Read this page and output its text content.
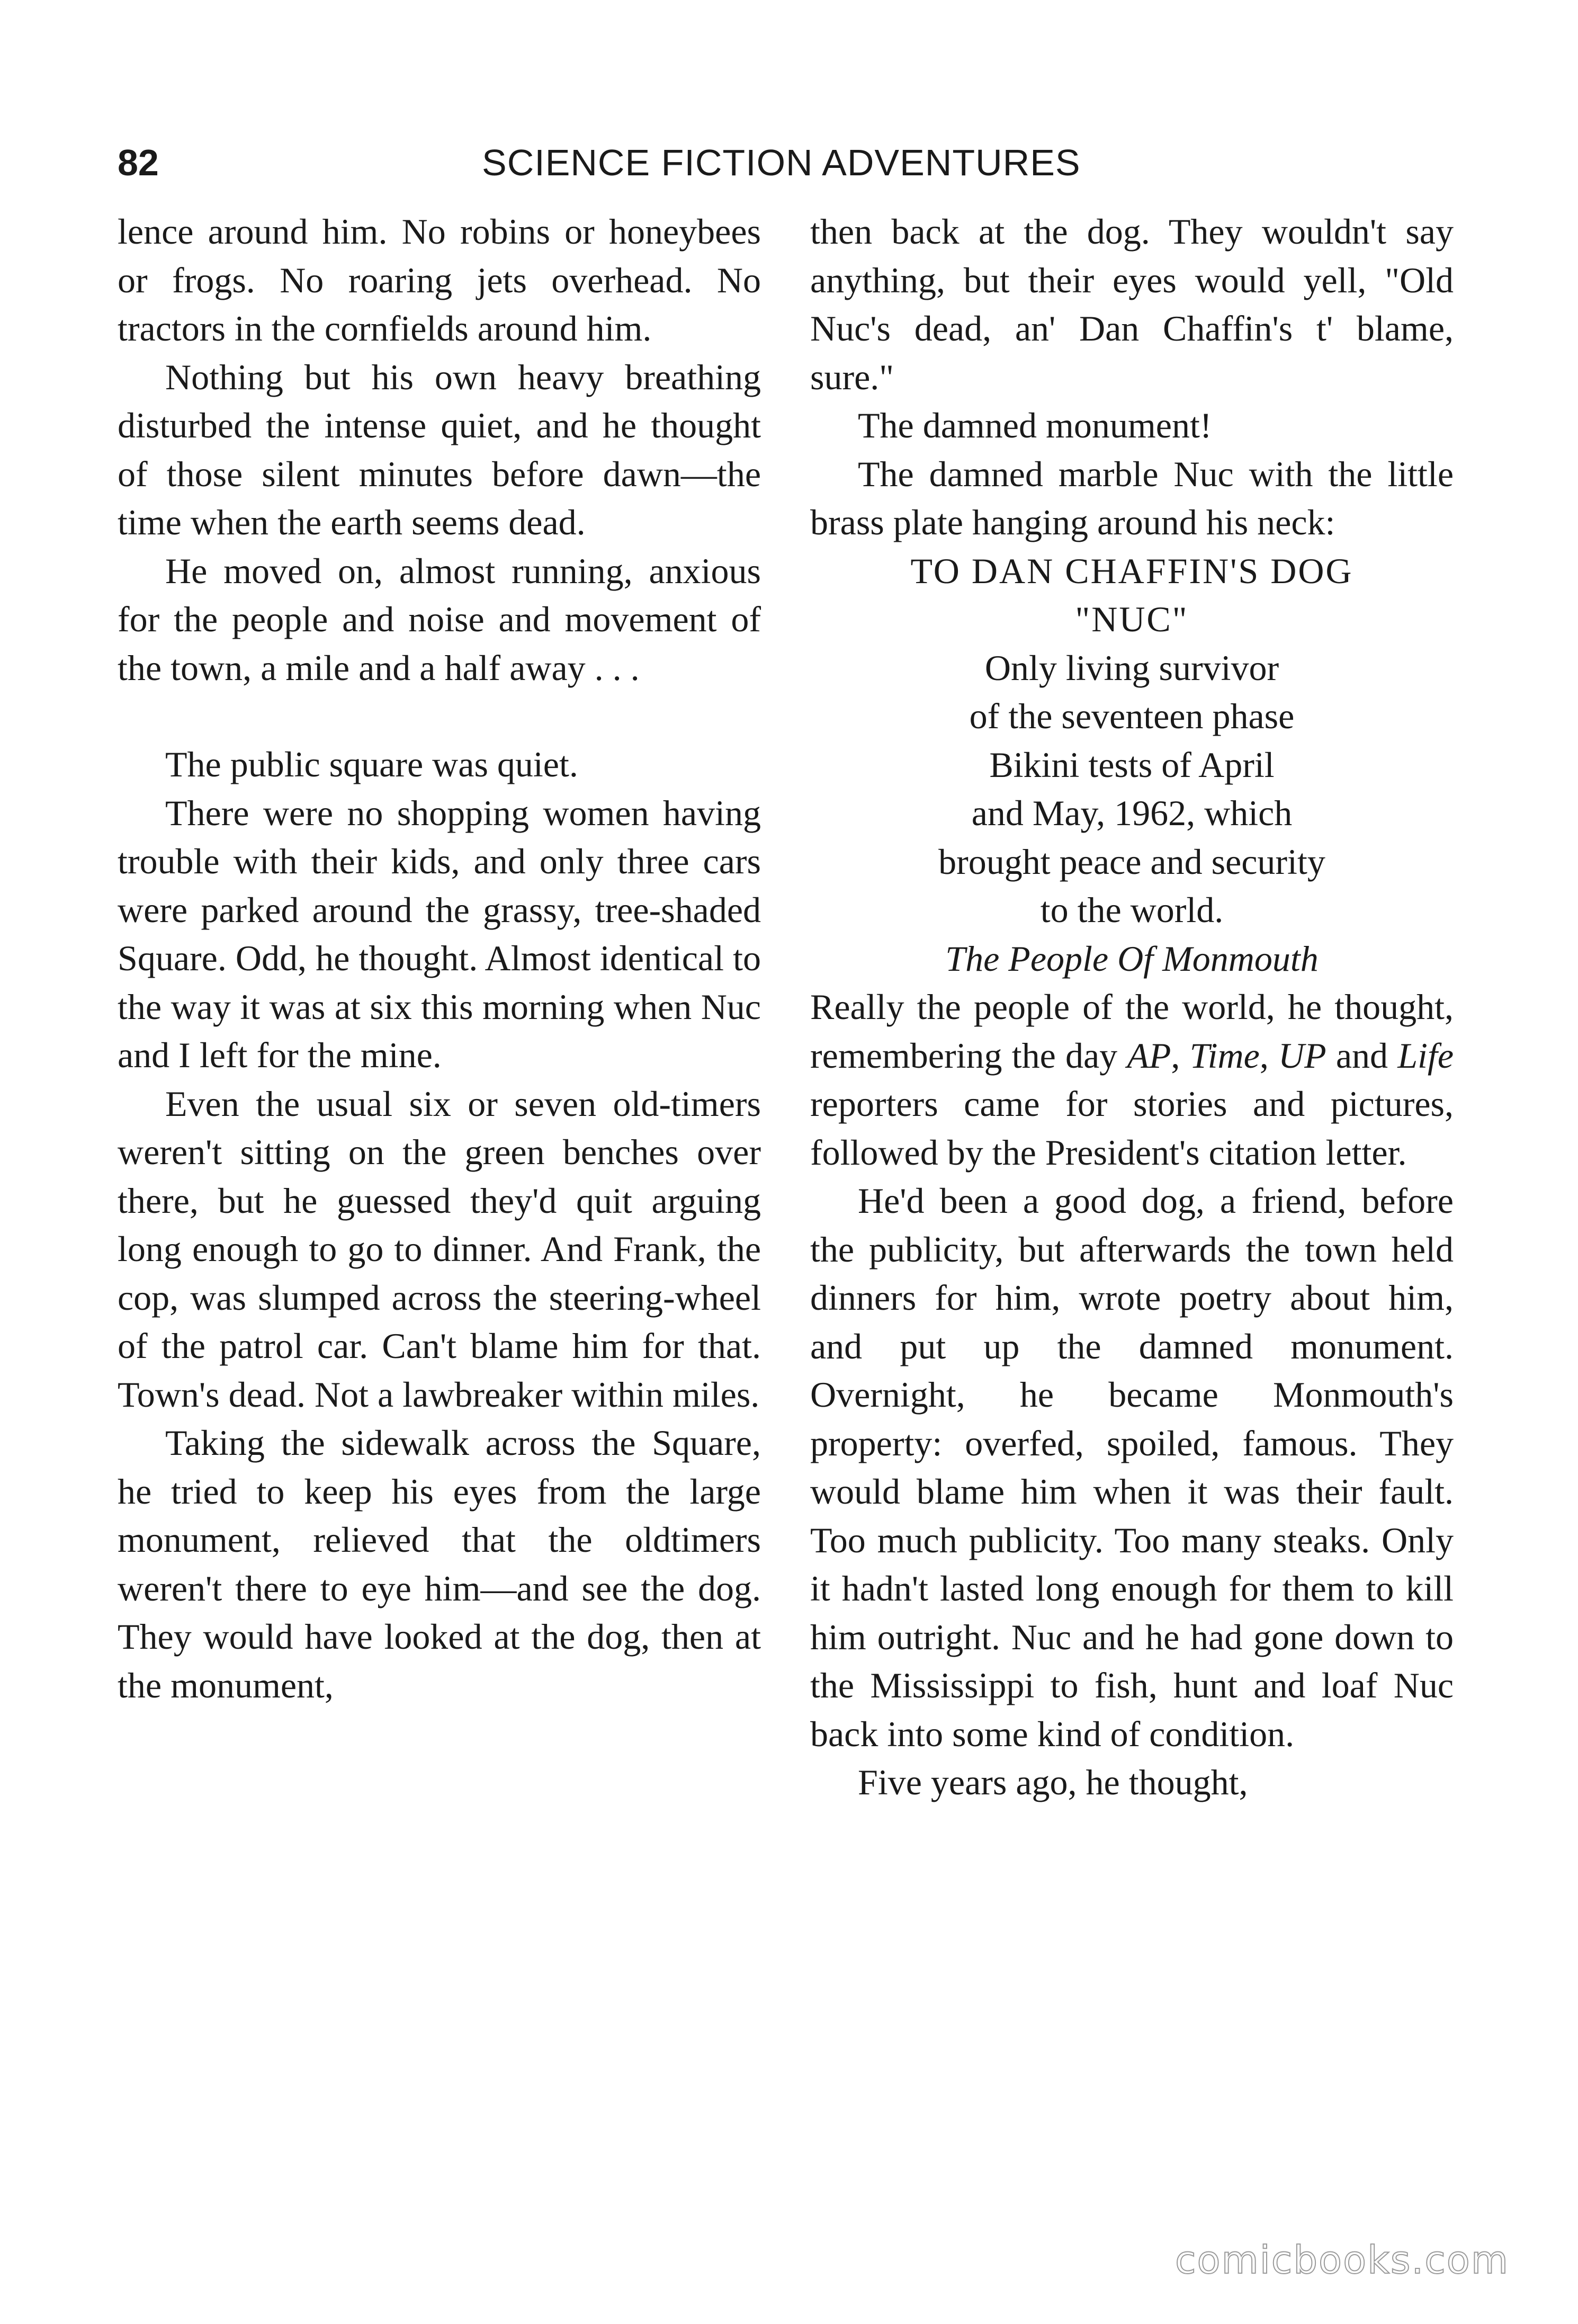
82	SCIENCE FICTION ADVENTURES

lence around him. No robins or honeybees or frogs. No roaring jets overhead. No tractors in the cornfields around him.

Nothing but his own heavy breathing disturbed the intense quiet, and he thought of those silent minutes before dawn—the time when the earth seems dead.

He moved on, almost running, anxious for the people and noise and movement of the town, a mile and a half away . . .

The public square was quiet.

There were no shopping women having trouble with their kids, and only three cars were parked around the grassy, tree-shaded Square. Odd, he thought. Almost identical to the way it was at six this morning when Nuc and I left for the mine.

Even the usual six or seven old-timers weren't sitting on the green benches over there, but he guessed they'd quit arguing long enough to go to dinner. And Frank, the cop, was slumped across the steering-wheel of the patrol car. Can't blame him for that. Town's dead. Not a lawbreaker within miles.

Taking the sidewalk across the Square, he tried to keep his eyes from the large monument, relieved that the oldtimers weren't there to eye him—and see the dog. They would have looked at the dog, then at the monument,

then back at the dog. They wouldn't say anything, but their eyes would yell, "Old Nuc's dead, an' Dan Chaffin's t' blame, sure."

The damned monument!

The damned marble Nuc with the little brass plate hanging around his neck:

TO DAN CHAFFIN'S DOG
"NUC"
Only living survivor
of the seventeen phase
Bikini tests of April
and May, 1962, which
brought peace and security
to the world.
The People Of Monmouth

Really the people of the world, he thought, remembering the day AP, Time, UP and Life reporters came for stories and pictures, followed by the President's citation letter.

He'd been a good dog, a friend, before the publicity, but afterwards the town held dinners for him, wrote poetry about him, and put up the damned monument. Overnight, he became Monmouth's property: overfed, spoiled, famous. They would blame him when it was their fault. Too much publicity. Too many steaks. Only it hadn't lasted long enough for them to kill him outright. Nuc and he had gone down to the Mississippi to fish, hunt and loaf Nuc back into some kind of condition.

Five years ago, he thought,

comicbooks.com
